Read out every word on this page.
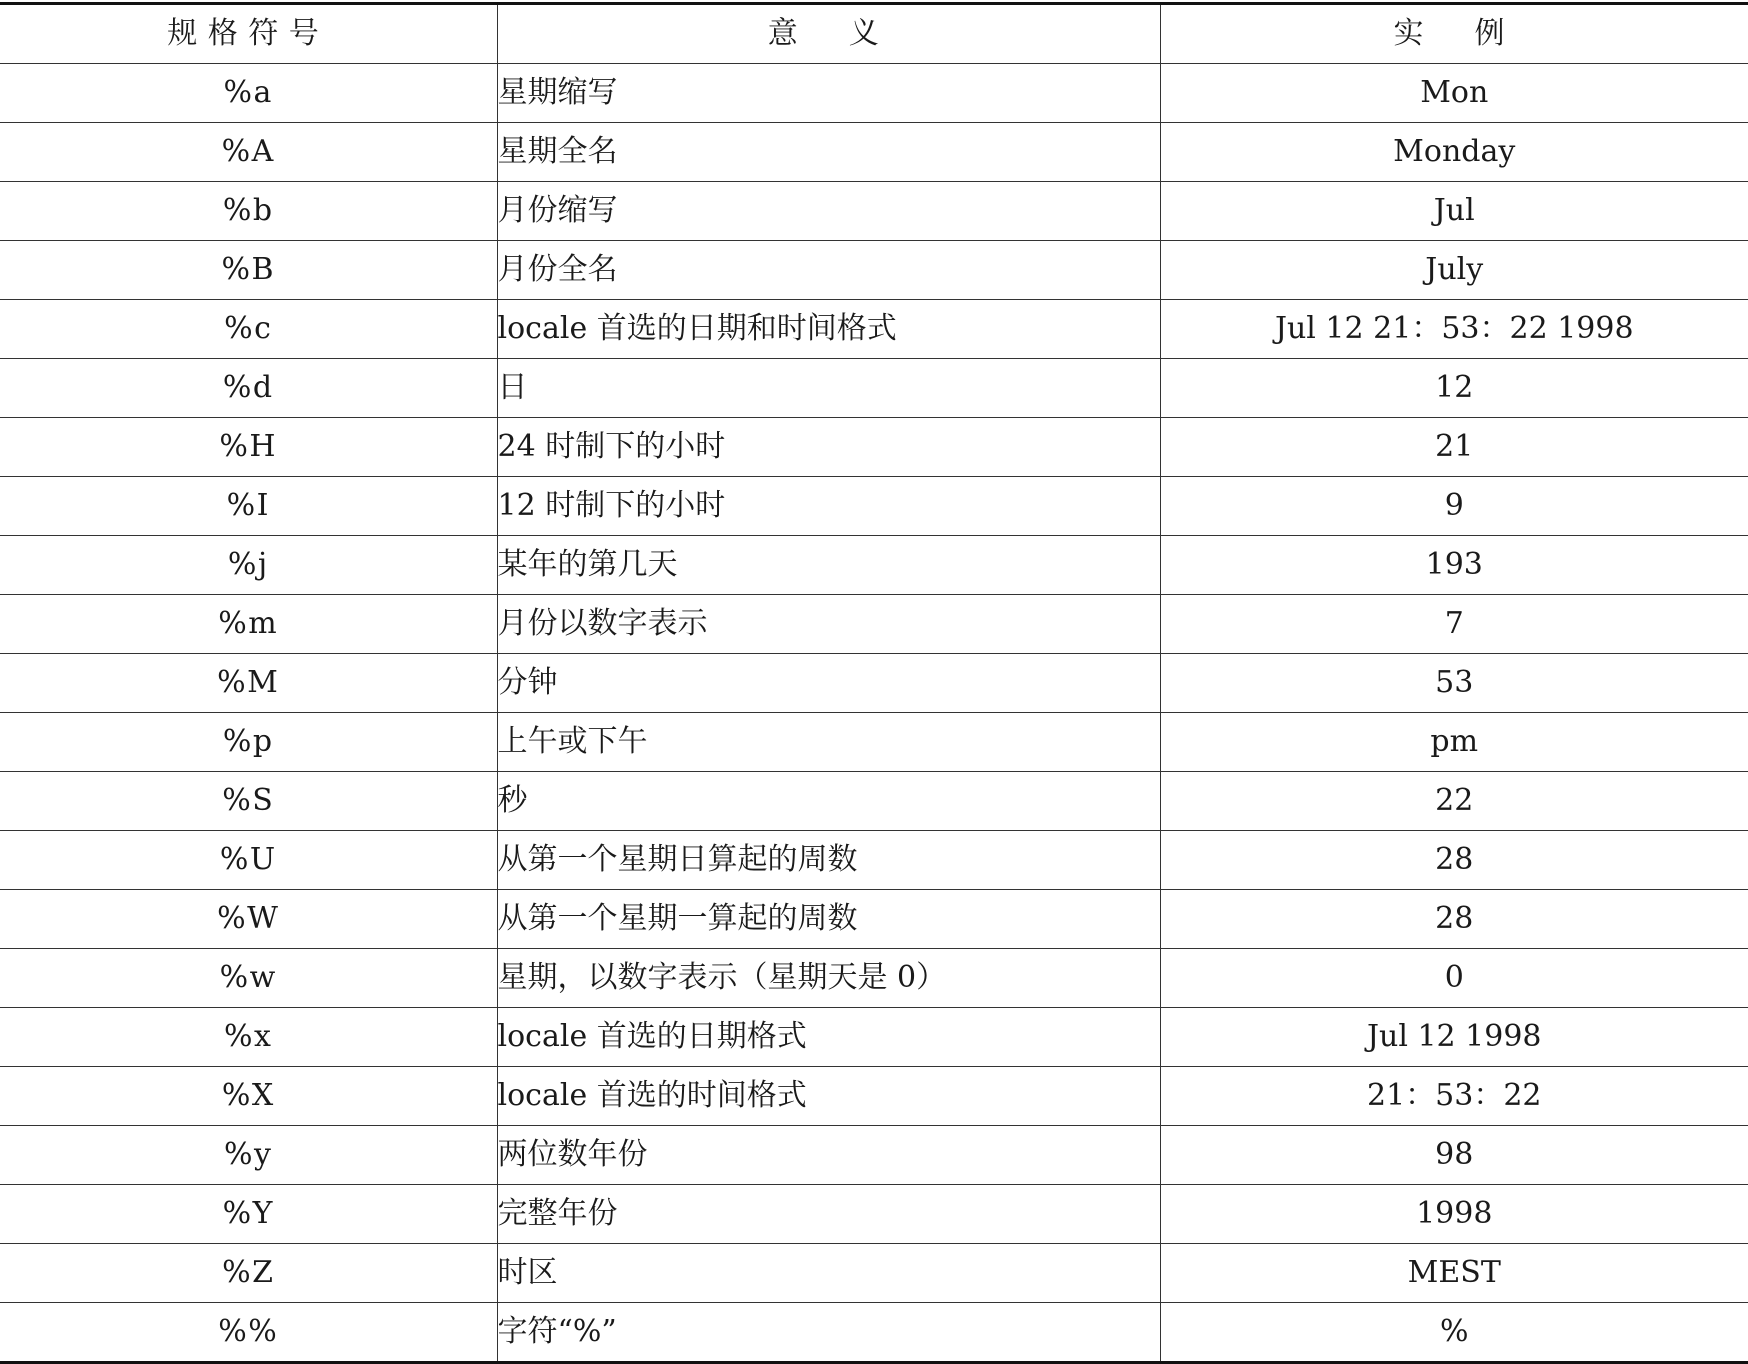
规格符号	意　义	实　例
%a	星期缩写	Mon
%A	星期全名	Monday
%b	月份缩写	Jul
%B	月份全名	July
%c	locale 首选的日期和时间格式	Jul 12 21：53：22 1998
%d	日	12
%H	24 时制下的小时	21
%I	12 时制下的小时	9
%j	某年的第几天	193
%m	月份以数字表示	7
%M	分钟	53
%p	上午或下午	pm
%S	秒	22
%U	从第一个星期日算起的周数	28
%W	从第一个星期一算起的周数	28
%w	星期，以数字表示（星期天是 0）	0
%x	locale 首选的日期格式	Jul 12 1998
%X	locale 首选的时间格式	21：53：22
%y	两位数年份	98
%Y	完整年份	1998
%Z	时区	MEST
%%	字符“%”	%
